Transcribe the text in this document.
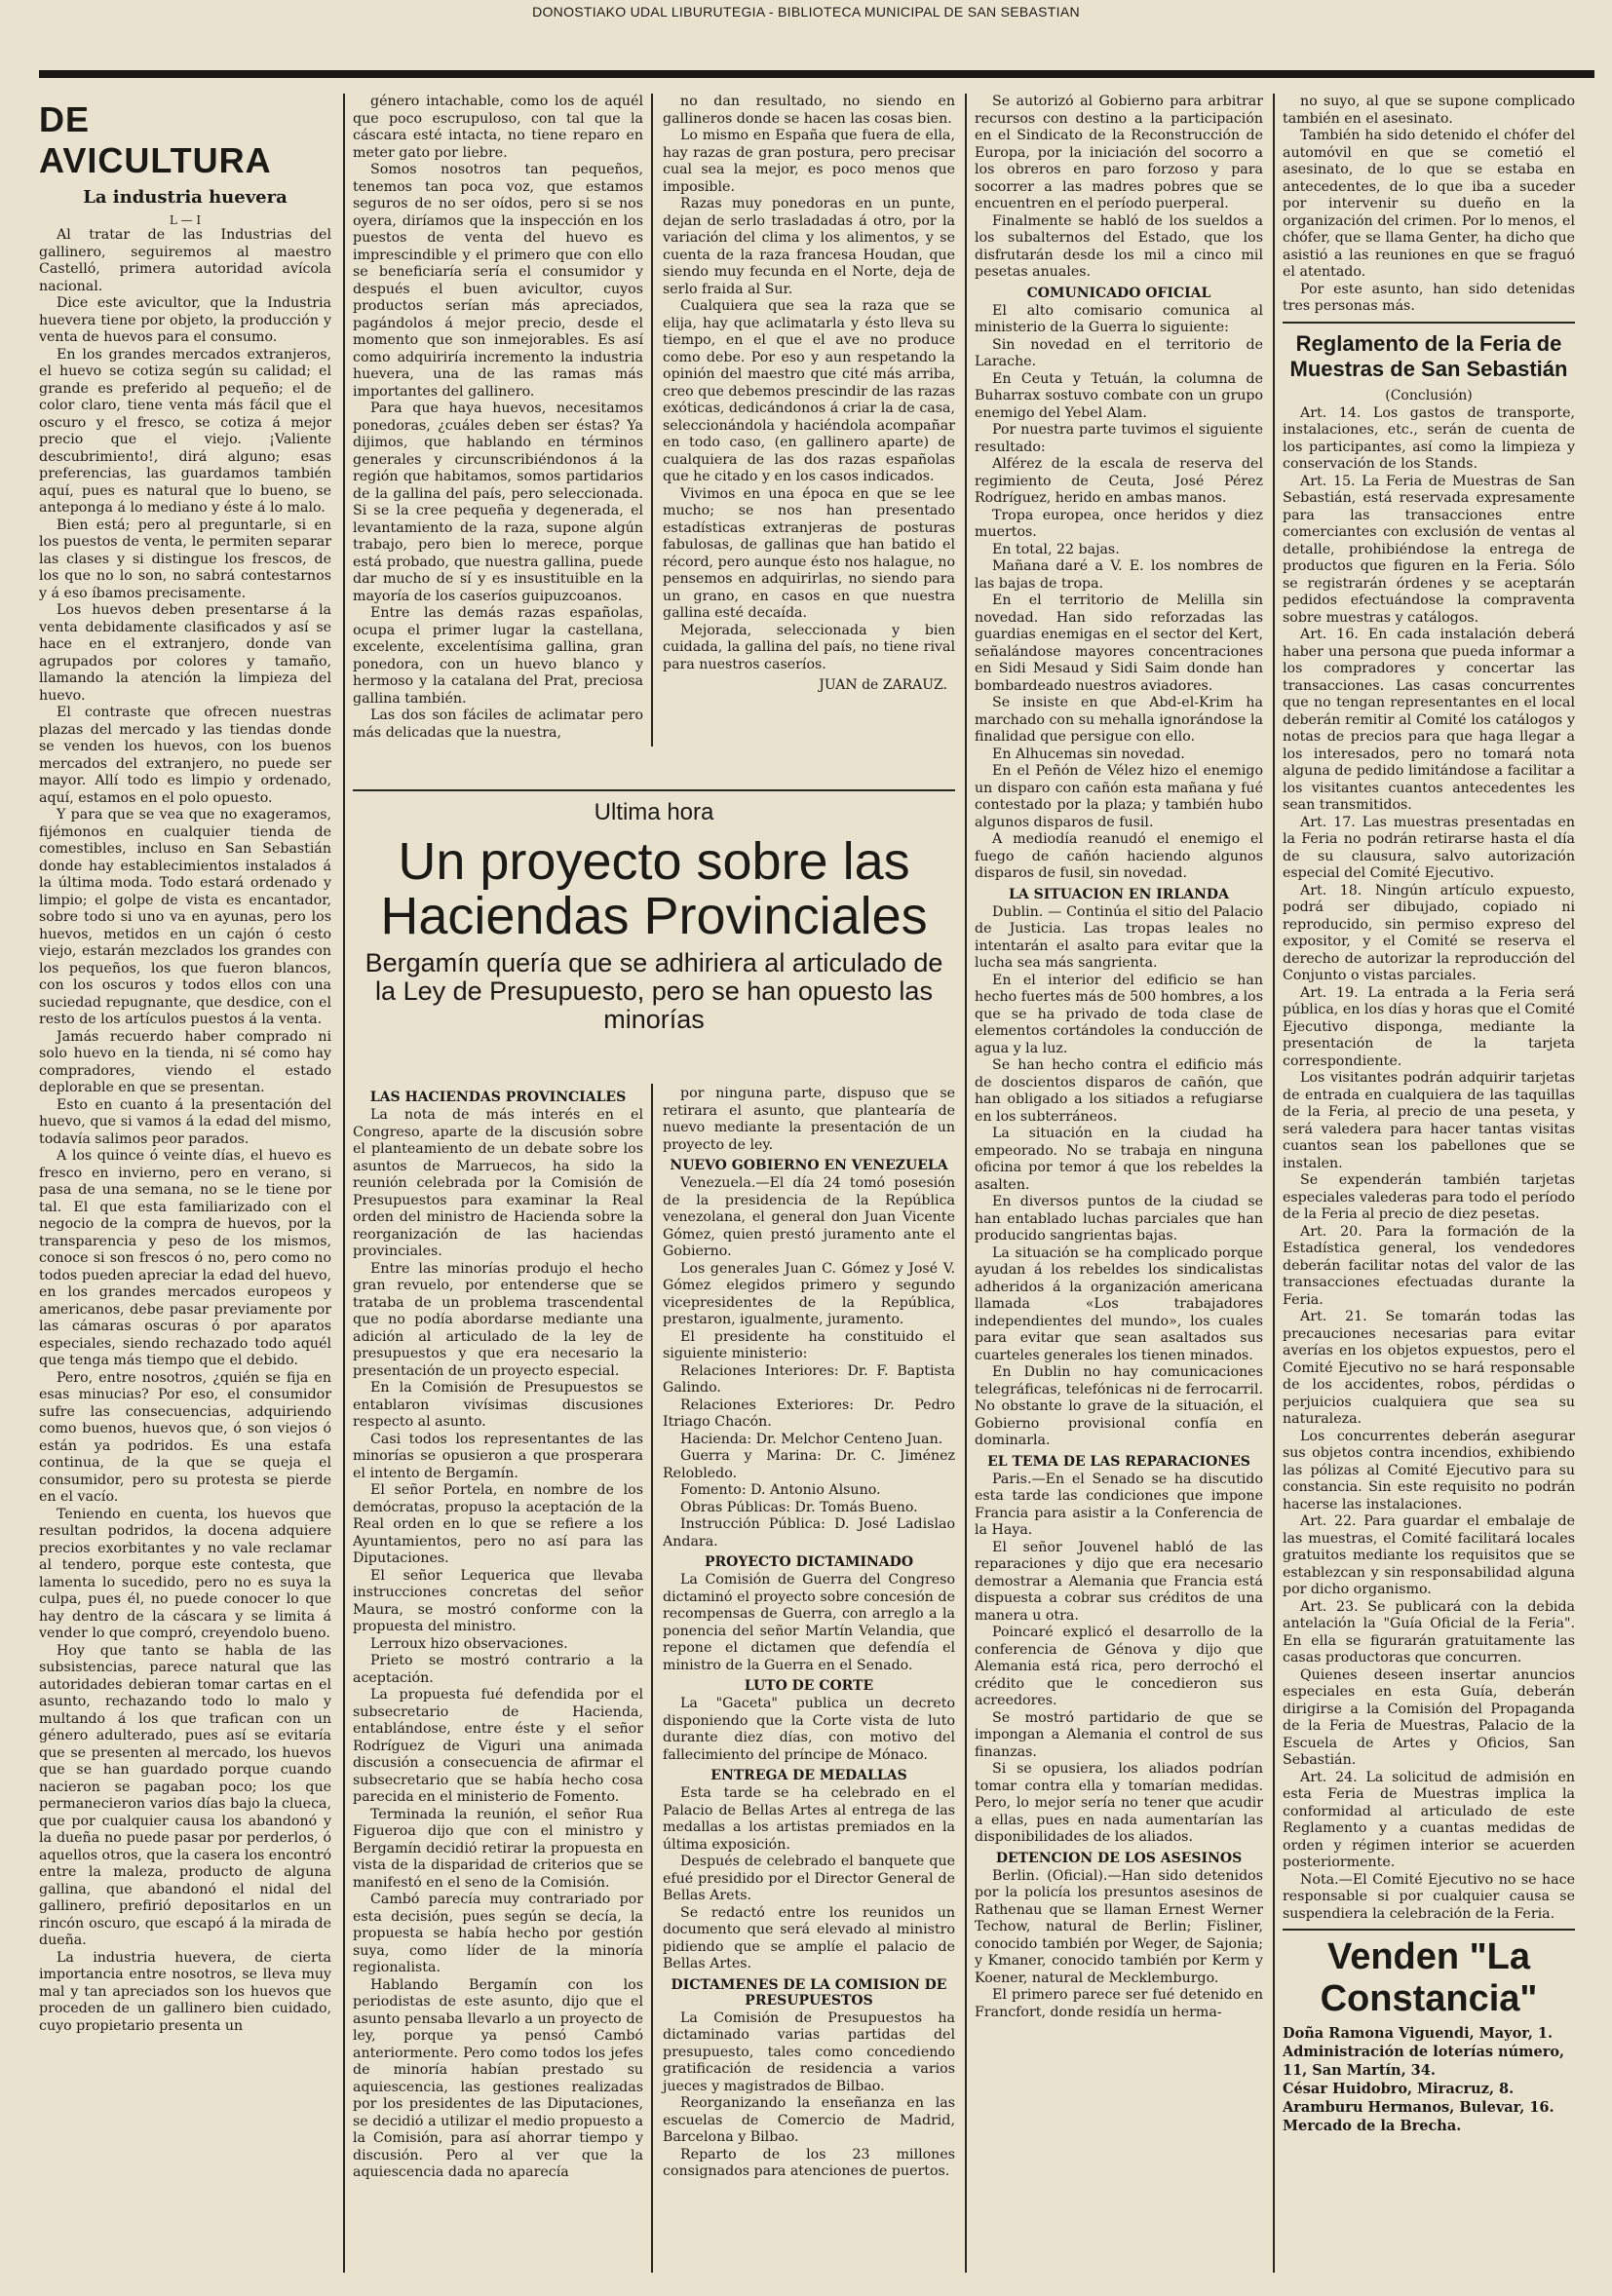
DONOSTIAKO UDAL LIBURUTEGIA - BIBLIOTECA MUNICIPAL DE SAN SEBASTIAN
DE AVICULTURA
La industria huevera
L — I

Al tratar de las Industrias del gallinero, seguiremos al maestro Castelló, primera autoridad avícola nacional.

Dice este avicultor, que la Industria huevera tiene por objeto, la producción y venta de huevos para el consumo.

En los grandes mercados extranjeros, el huevo se cotiza según su calidad; el grande es preferido al pequeño; el de color claro, tiene venta más fácil que el oscuro y el fresco, se cotiza á mejor precio que el viejo. ¡Valiente descubrimiento!, dirá alguno; esas preferencias, las guardamos también aquí, pues es natural que lo bueno, se anteponga á lo mediano y éste á lo malo.

Bien está; pero al preguntarle, si en los puestos de venta, le permiten separar las clases y si distingue los frescos, de los que no lo son, no sabrá contestarnos y á eso íbamos precisamente.

Los huevos deben presentarse á la venta debidamente clasificados y así se hace en el extranjero, donde van agrupados por colores y tamaño, llamando la atención la limpieza del huevo.

El contraste que ofrecen nuestras plazas del mercado y las tiendas donde se venden los huevos, con los buenos mercados del extranjero, no puede ser mayor. Allí todo es limpio y ordenado, aquí, estamos en el polo opuesto.

Y para que se vea que no exageramos, fijémonos en cualquier tienda de comestibles, incluso en San Sebastián donde hay establecimientos instalados á la última moda. Todo estará ordenado y limpio; el golpe de vista es encantador, sobre todo si uno va en ayunas, pero los huevos, metidos en un cajón ó cesto viejo, estarán mezclados los grandes con los pequeños, los que fueron blancos, con los oscuros y todos ellos con una suciedad repugnante, que desdice, con el resto de los artículos puestos á la venta.

Jamás recuerdo haber comprado ni solo huevo en la tienda, ni sé como hay compradores, viendo el estado deplorable en que se presentan.

Esto en cuanto á la presentación del huevo, que si vamos á la edad del mismo, todavía salimos peor parados.

A los quince ó veinte días, el huevo es fresco en invierno, pero en verano, si pasa de una semana, no se le tiene por tal. El que esta familiarizado con el negocio de la compra de huevos, por la transparencia y peso de los mismos, conoce si son frescos ó no, pero como no todos pueden apreciar la edad del huevo, en los grandes mercados europeos y americanos, debe pasar previamente por las cámaras oscuras ó por aparatos especiales, siendo rechazado todo aquél que tenga más tiempo que el debido.

Pero, entre nosotros, ¿quién se fija en esas minucias? Por eso, el consumidor sufre las consecuencias, adquiriendo como buenos, huevos que, ó son viejos ó están ya podridos. Es una estafa continua, de la que se queja el consumidor, pero su protesta se pierde en el vacío.

Teniendo en cuenta, los huevos que resultan podridos, la docena adquiere precios exorbitantes y no vale reclamar al tendero, porque este contesta, que lamenta lo sucedido, pero no es suya la culpa, pues él, no puede conocer lo que hay dentro de la cáscara y se limita á vender lo que compró, creyendolo bueno.

Hoy que tanto se habla de las subsistencias, parece natural que las autoridades debieran tomar cartas en el asunto, rechazando todo lo malo y multando á los que trafican con un género adulterado, pues así se evitaría que se presenten al mercado, los huevos que se han guardado porque cuando nacieron se pagaban poco; los que permanecieron varios días bajo la clueca, que por cualquier causa los abandonó y la dueña no puede pasar por perderlos, ó aquellos otros, que la casera los encontró entre la maleza, producto de alguna gallina, que abandonó el nidal del gallinero, prefirió depositarlos en un rincón oscuro, que escapó á la mirada de dueña.

La industria huevera, de cierta importancia entre nosotros, se lleva muy mal y tan apreciados son los huevos que proceden de un gallinero bien cuidado, cuyo propietario presenta un

género intachable, como los de aquél que poco escrupuloso, con tal que la cáscara esté intacta, no tiene reparo en meter gato por liebre.

Somos nosotros tan pequeños, tenemos tan poca voz, que estamos seguros de no ser oídos, pero si se nos oyera, diríamos que la inspección en los puestos de venta del huevo es imprescindible y el primero que con ello se beneficiaría sería el consumidor y después el buen avicultor, cuyos productos serían más apreciados, pagándolos á mejor precio, desde el momento que son inmejorables. Es así como adquiriría incremento la industria huevera, una de las ramas más importantes del gallinero.

Para que haya huevos, necesitamos ponedoras, ¿cuáles deben ser éstas? Ya dijimos, que hablando en términos generales y circunscribiéndonos á la región que habitamos, somos partidarios de la gallina del país, pero seleccionada. Si se la cree pequeña y degenerada, el levantamiento de la raza, supone algún trabajo, pero bien lo merece, porque está probado, que nuestra gallina, puede dar mucho de sí y es insustituible en la mayoría de los caseríos guipuzcoanos.

Entre las demás razas españolas, ocupa el primer lugar la castellana, excelente, excelentísima gallina, gran ponedora, con un huevo blanco y hermoso y la catalana del Prat, preciosa gallina también.

Las dos son fáciles de aclimatar pero más delicadas que la nuestra,

no dan resultado, no siendo en gallineros donde se hacen las cosas bien.

Lo mismo en España que fuera de ella, hay razas de gran postura, pero precisar cual sea la mejor, es poco menos que imposible.

Razas muy ponedoras en un punte, dejan de serlo trasladadas á otro, por la variación del clima y los alimentos, y se cuenta de la raza francesa Houdan, que siendo muy fecunda en el Norte, deja de serlo fraida al Sur.

Cualquiera que sea la raza que se elija, hay que aclimatarla y ésto lleva su tiempo, en el que el ave no produce como debe. Por eso y aun respetando la opinión del maestro que cité más arriba, creo que debemos prescindir de las razas exóticas, dedicándonos á criar la de casa, seleccionándola y haciéndola acompañar en todo caso, (en gallinero aparte) de cualquiera de las dos razas españolas que he citado y en los casos indicados.

Vivimos en una época en que se lee mucho; se nos han presentado estadísticas extranjeras de posturas fabulosas, de gallinas que han batido el récord, pero aunque ésto nos halague, no pensemos en adquirirlas, no siendo para un grano, en casos en que nuestra gallina esté decaída.

Mejorada, seleccionada y bien cuidada, la gallina del país, no tiene rival para nuestros caseríos.

JUAN de ZARAUZ.
Ultima hora
Un proyecto sobre las Haciendas Provinciales
Bergamín quería que se adhiriera al articulado de la Ley de Presupuesto, pero se han opuesto las minorías
LAS HACIENDAS PROVINCIALES

La nota de más interés en el Congreso, aparte de la discusión sobre el planteamiento de un debate sobre los asuntos de Marruecos, ha sido la reunión celebrada por la Comisión de Presupuestos para examinar la Real orden del ministro de Hacienda sobre la reorganización de las haciendas provinciales.

Entre las minorías produjo el hecho gran revuelo, por entenderse que se trataba de un problema trascendental que no podía abordarse mediante una adición al articulado de la ley de presupuestos y que era necesario la presentación de un proyecto especial.

En la Comisión de Presupuestos se entablaron vivísimas discusiones respecto al asunto.

Casi todos los representantes de las minorías se opusieron a que prosperara el intento de Bergamín.

El señor Portela, en nombre de los demócratas, propuso la aceptación de la Real orden en lo que se refiere a los Ayuntamientos, pero no así para las Diputaciones.

El señor Lequerica que llevaba instrucciones concretas del señor Maura, se mostró conforme con la propuesta del ministro.

Lerroux hizo observaciones.

Prieto se mostró contrario a la aceptación.

La propuesta fué defendida por el subsecretario de Hacienda, entablándose, entre éste y el señor Rodríguez de Viguri una animada discusión a consecuencia de afirmar el subsecretario que se había hecho cosa parecida en el ministerio de Fomento.

Terminada la reunión, el señor Rua Figueroa dijo que con el ministro y Bergamín decidió retirar la propuesta en vista de la disparidad de criterios que se manifestó en el seno de la Comisión.

Cambó parecía muy contrariado por esta decisión, pues según se decía, la propuesta se había hecho por gestión suya, como líder de la minoría regionalista.

Hablando Bergamín con los periodistas de este asunto, dijo que el asunto pensaba llevarlo a un proyecto de ley, porque ya pensó Cambó anteriormente. Pero como todos los jefes de minoría habían prestado su aquiescencia, las gestiones realizadas por los presidentes de las Diputaciones, se decidió a utilizar el medio propuesto a la Comisión, para así ahorrar tiempo y discusión. Pero al ver que la aquiescencia dada no aparecía

por ninguna parte, dispuso que se retirara el asunto, que plantearía de nuevo mediante la presentación de un proyecto de ley.

NUEVO GOBIERNO EN VENEZUELA

Venezuela.—El día 24 tomó posesión de la presidencia de la República venezolana, el general don Juan Vicente Gómez, quien prestó juramento ante el Gobierno.

Los generales Juan C. Gómez y José V. Gómez elegidos primero y segundo vicepresidentes de la República, prestaron, igualmente, juramento.

El presidente ha constituido el siguiente ministerio:

Relaciones Interiores: Dr. F. Baptista Galindo.

Relaciones Exteriores: Dr. Pedro Itriago Chacón.

Hacienda: Dr. Melchor Centeno Juan.

Guerra y Marina: Dr. C. Jiménez Relobledo.

Fomento: D. Antonio Alsuno.

Obras Públicas: Dr. Tomás Bueno.

Instrucción Pública: D. José Ladislao Andara.

PROYECTO DICTAMINADO

La Comisión de Guerra del Congreso dictaminó el proyecto sobre concesión de recompensas de Guerra, con arreglo a la ponencia del señor Martín Velandia, que repone el dictamen que defendía el ministro de la Guerra en el Senado.

LUTO DE CORTE

La "Gaceta" publica un decreto disponiendo que la Corte vista de luto durante diez días, con motivo del fallecimiento del príncipe de Mónaco.

ENTREGA DE MEDALLAS

Esta tarde se ha celebrado en el Palacio de Bellas Artes al entrega de las medallas a los artistas premiados en la última exposición.

Después de celebrado el banquete que efué presidido por el Director General de Bellas Arets.

Se redactó entre los reunidos un documento que será elevado al ministro pidiendo que se amplíe el palacio de Bellas Artes.

DICTAMENES DE LA COMISION DE PRESUPUESTOS

La Comisión de Presupuestos ha dictaminado varias partidas del presupuesto, tales como concediendo gratificación de residencia a varios jueces y magistrados de Bilbao.

Reorganizando la enseñanza en las escuelas de Comercio de Madrid, Barcelona y Bilbao.

Reparto de los 23 millones consignados para atenciones de puertos.

Se autorizó al Gobierno para arbitrar recursos con destino a la participación en el Sindicato de la Reconstrucción de Europa, por la iniciación del socorro a los obreros en paro forzoso y para socorrer a las madres pobres que se encuentren en el período puerperal.

Finalmente se habló de los sueldos a los subalternos del Estado, que los disfrutarán desde los mil a cinco mil pesetas anuales.

COMUNICADO OFICIAL

El alto comisario comunica al ministerio de la Guerra lo siguiente:

Sin novedad en el territorio de Larache.

En Ceuta y Tetuán, la columna de Buharrax sostuvo combate con un grupo enemigo del Yebel Alam.

Por nuestra parte tuvimos el siguiente resultado:

Alférez de la escala de reserva del regimiento de Ceuta, José Pérez Rodríguez, herido en ambas manos.

Tropa europea, once heridos y diez muertos.

En total, 22 bajas.

Mañana daré a V. E. los nombres de las bajas de tropa.

En el territorio de Melilla sin novedad. Han sido reforzadas las guardias enemigas en el sector del Kert, señalándose mayores concentraciones en Sidi Mesaud y Sidi Saim donde han bombardeado nuestros aviadores.

Se insiste en que Abd-el-Krim ha marchado con su mehalla ignorándose la finalidad que persigue con ello.

En Alhucemas sin novedad.

En el Peñón de Vélez hizo el enemigo un disparo con cañón esta mañana y fué contestado por la plaza; y también hubo algunos disparos de fusil.

A mediodía reanudó el enemigo el fuego de cañón haciendo algunos disparos de fusil, sin novedad.

LA SITUACION EN IRLANDA

Dublin. — Continúa el sitio del Palacio de Justicia. Las tropas leales no intentarán el asalto para evitar que la lucha sea más sangrienta.

En el interior del edificio se han hecho fuertes más de 500 hombres, a los que se ha privado de toda clase de elementos cortándoles la conducción de agua y la luz.

Se han hecho contra el edificio más de doscientos disparos de cañón, que han obligado a los sitiados a refugiarse en los subterráneos.

La situación en la ciudad ha empeorado. No se trabaja en ninguna oficina por temor á que los rebeldes la asalten.

En diversos puntos de la ciudad se han entablado luchas parciales que han producido sangrientas bajas.

La situación se ha complicado porque ayudan á los rebeldes los sindicalistas adheridos á la organización americana llamada «Los trabajadores independientes del mundo», los cuales para evitar que sean asaltados sus cuarteles generales los tienen minados.

En Dublin no hay comunicaciones telegráficas, telefónicas ni de ferrocarril. No obstante lo grave de la situación, el Gobierno provisional confía en dominarla.

EL TEMA DE LAS REPARACIONES

Paris.—En el Senado se ha discutido esta tarde las condiciones que impone Francia para asistir a la Conferencia de la Haya.

El señor Jouvenel habló de las reparaciones y dijo que era necesario demostrar a Alemania que Francia está dispuesta a cobrar sus créditos de una manera u otra.

Poincaré explicó el desarrollo de la conferencia de Génova y dijo que Alemania está rica, pero derrochó el crédito que le concedieron sus acreedores.

Se mostró partidario de que se impongan a Alemania el control de sus finanzas.

Si se opusiera, los aliados podrían tomar contra ella y tomarían medidas. Pero, lo mejor sería no tener que acudir a ellas, pues en nada aumentarían las disponibilidades de los aliados.

DETENCION DE LOS ASESINOS

Berlin. (Oficial).—Han sido detenidos por la policía los presuntos asesinos de Rathenau que se llaman Ernest Werner Techow, natural de Berlin; Fisliner, conocido también por Weger, de Sajonia; y Kmaner, conocido también por Kerm y Koener, natural de Mecklemburgo.

El primero parece ser fué detenido en Francfort, donde residía un herma-

no suyo, al que se supone complicado también en el asesinato.

También ha sido detenido el chófer del automóvil en que se cometió el asesinato, de lo que se estaba en antecedentes, de lo que iba a suceder por intervenir su dueño en la organización del crimen. Por lo menos, el chófer, que se llama Genter, ha dicho que asistió a las reuniones en que se fraguó el atentado.

Por este asunto, han sido detenidas tres personas más.

Reglamento de la Feria de Muestras de San Sebastián
(Conclusión)

Art. 14. Los gastos de transporte, instalaciones, etc., serán de cuenta de los participantes, así como la limpieza y conservación de los Stands.

Art. 15. La Feria de Muestras de San Sebastián, está reservada expresamente para las transacciones entre comerciantes con exclusión de ventas al detalle, prohibiéndose la entrega de productos que figuren en la Feria. Sólo se registrarán órdenes y se aceptarán pedidos efectuándose la compraventa sobre muestras y catálogos.

Art. 16. En cada instalación deberá haber una persona que pueda informar a los compradores y concertar las transacciones. Las casas concurrentes que no tengan representantes en el local deberán remitir al Comité los catálogos y notas de precios para que haga llegar a los interesados, pero no tomará nota alguna de pedido limitándose a facilitar a los visitantes cuantos antecedentes les sean transmitidos.

Art. 17. Las muestras presentadas en la Feria no podrán retirarse hasta el día de su clausura, salvo autorización especial del Comité Ejecutivo.

Art. 18. Ningún artículo expuesto, podrá ser dibujado, copiado ni reproducido, sin permiso expreso del expositor, y el Comité se reserva el derecho de autorizar la reproducción del Conjunto o vistas parciales.

Art. 19. La entrada a la Feria será pública, en los días y horas que el Comité Ejecutivo disponga, mediante la presentación de la tarjeta correspondiente.

Los visitantes podrán adquirir tarjetas de entrada en cualquiera de las taquillas de la Feria, al precio de una peseta, y será valedera para hacer tantas visitas cuantos sean los pabellones que se instalen.

Se expenderán también tarjetas especiales valederas para todo el período de la Feria al precio de diez pesetas.

Art. 20. Para la formación de la Estadística general, los vendedores deberán facilitar notas del valor de las transacciones efectuadas durante la Feria.

Art. 21. Se tomarán todas las precauciones necesarias para evitar averías en los objetos expuestos, pero el Comité Ejecutivo no se hará responsable de los accidentes, robos, pérdidas o perjuicios cualquiera que sea su naturaleza.

Los concurrentes deberán asegurar sus objetos contra incendios, exhibiendo las pólizas al Comité Ejecutivo para su constancia. Sin este requisito no podrán hacerse las instalaciones.

Art. 22. Para guardar el embalaje de las muestras, el Comité facilitará locales gratuitos mediante los requisitos que se establezcan y sin responsabilidad alguna por dicho organismo.

Art. 23. Se publicará con la debida antelación la "Guía Oficial de la Feria". En ella se figurarán gratuitamente las casas productoras que concurren.

Quienes deseen insertar anuncios especiales en esta Guía, deberán dirigirse a la Comisión del Propaganda de la Feria de Muestras, Palacio de la Escuela de Artes y Oficios, San Sebastián.

Art. 24. La solicitud de admisión en esta Feria de Muestras implica la conformidad al articulado de este Reglamento y a cuantas medidas de orden y régimen interior se acuerden posteriormente.

Nota.—El Comité Ejecutivo no se hace responsable si por cualquier causa se suspendiera la celebración de la Feria.

Venden "La Constancia"

Doña Ramona Viguendi, Mayor, 1.

Administración de loterías número, 11, San Martín, 34.

César Huidobro, Miracruz, 8.

Aramburu Hermanos, Bulevar, 16.

Mercado de la Brecha.
